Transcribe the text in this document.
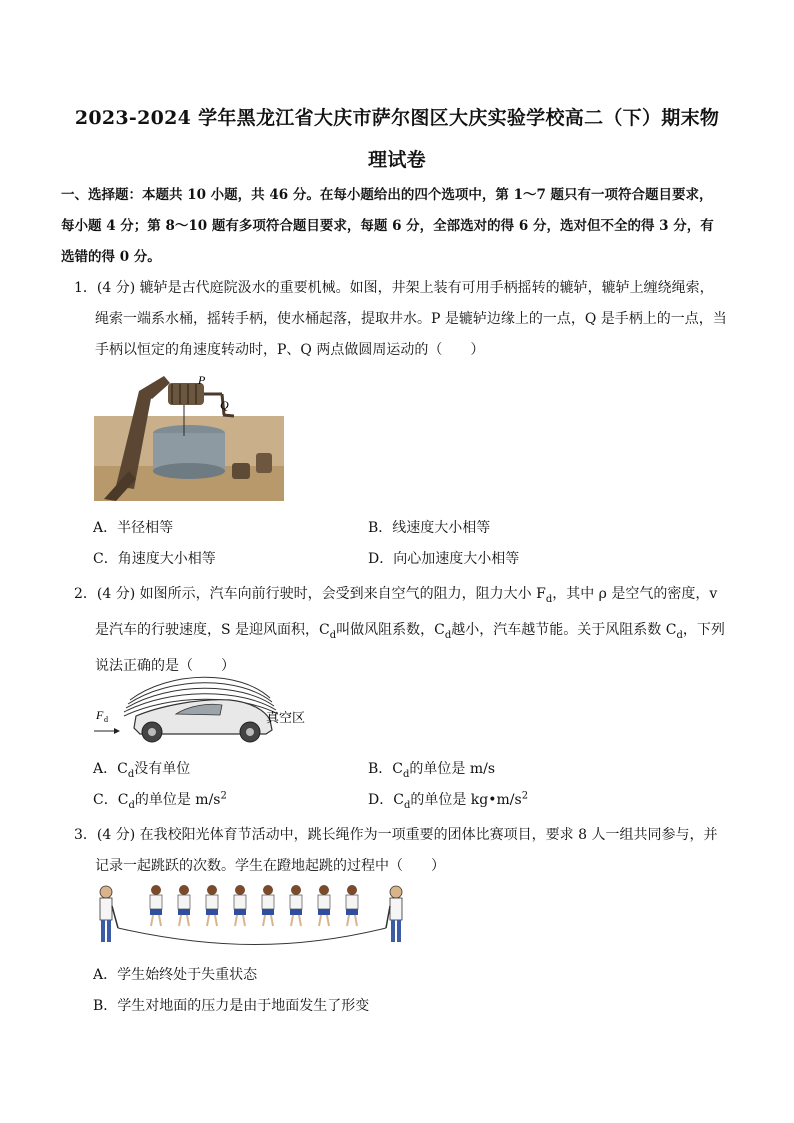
2023-2024 学年黑龙江省大庆市萨尔图区大庆实验学校高二（下）期末物
理试卷
一、选择题：本题共 10 小题，共 46 分。在每小题给出的四个选项中，第 1～7 题只有一项符合题目要求，
每小题 4 分；第 8～10 题有多项符合题目要求，每题 6 分，全部选对的得 6 分，选对但不全的得 3 分，有
选错的得 0 分。
1．(4 分) 辘轳是古代庭院汲水的重要机械。如图，井架上装有可用手柄摇转的辘轳，辘轳上缠绕绳索，
绳索一端系水桶，摇转手柄，使水桶起落，提取井水。P 是辘轳边缘上的一点，Q 是手柄上的一点，当
手柄以恒定的角速度转动时，P、Q 两点做圆周运动的（　　）
P
Q
A．半径相等	B．线速度大小相等
C．角速度大小相等	D．向心加速度大小相等
2．(4 分) 如图所示，汽车向前行驶时，会受到来自空气的阻力，阻力大小 $F_d$，其中 ρ 是空气的密度，v
是汽车的行驶速度，S 是迎风面积，$C_d$叫做风阻系数，$C_d$越小，汽车越节能。关于风阻系数 $C_d$，下列
说法正确的是（　　）
F d	真空区
A．$C_d$没有单位	B．$C_d$的单位是 m/s
C．$C_d$的单位是 $m/s^2$	D．$C_d$的单位是 $kg•m/s^2$
3．(4 分) 在我校阳光体育节活动中，跳长绳作为一项重要的团体比赛项目，要求 8 人一组共同参与，并
记录一起跳跃的次数。学生在蹬地起跳的过程中（　　）
A．学生始终处于失重状态
B．学生对地面的压力是由于地面发生了形变
